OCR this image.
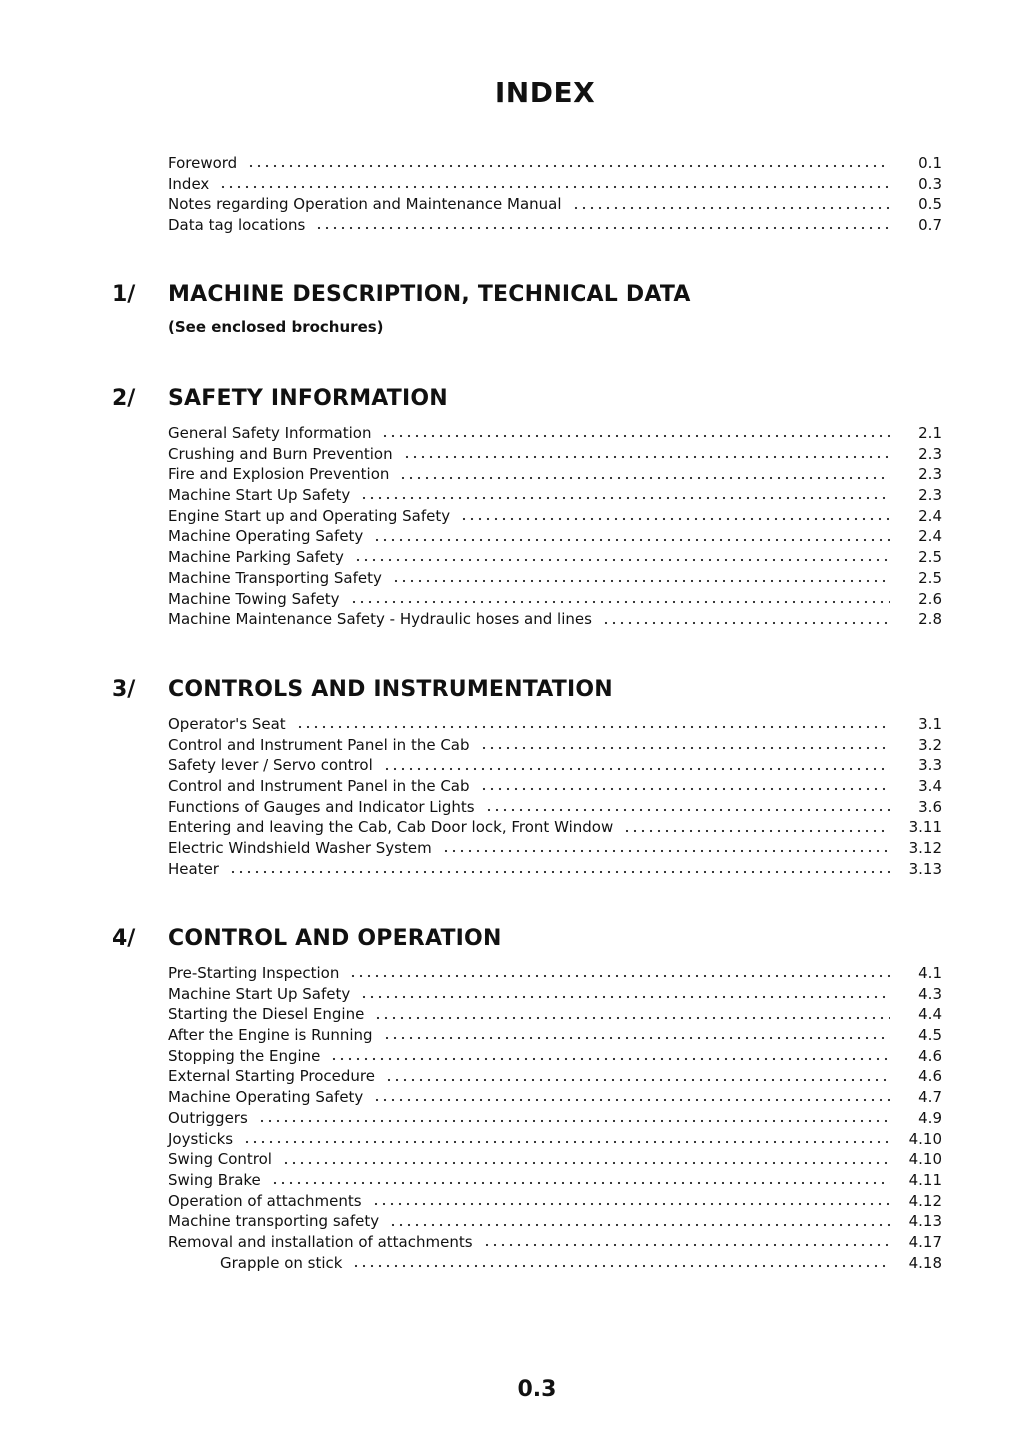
INDEX
Foreword	0.1
Index	0.3
Notes regarding Operation and Maintenance Manual	0.5
Data tag locations	0.7
1/ MACHINE DESCRIPTION, TECHNICAL DATA
(See enclosed brochures)
2/ SAFETY INFORMATION
General Safety Information	2.1
Crushing and Burn Prevention	2.3
Fire and Explosion Prevention	2.3
Machine Start Up Safety	2.3
Engine Start up and Operating Safety	2.4
Machine Operating Safety	2.4
Machine Parking Safety	2.5
Machine Transporting Safety	2.5
Machine Towing Safety	2.6
Machine Maintenance Safety - Hydraulic hoses and lines	2.8
3/ CONTROLS AND INSTRUMENTATION
Operator's Seat	3.1
Control and Instrument Panel in the Cab	3.2
Safety lever / Servo control	3.3
Control and Instrument Panel in the Cab	3.4
Functions of Gauges and Indicator Lights	3.6
Entering and leaving the Cab, Cab Door lock, Front Window	3.11
Electric Windshield Washer System	3.12
Heater	3.13
4/ CONTROL AND OPERATION
Pre-Starting Inspection	4.1
Machine Start Up Safety	4.3
Starting the Diesel Engine	4.4
After the Engine is Running	4.5
Stopping the Engine	4.6
External Starting Procedure	4.6
Machine Operating Safety	4.7
Outriggers	4.9
Joysticks	4.10
Swing Control	4.10
Swing Brake	4.11
Operation of attachments	4.12
Machine transporting safety	4.13
Removal and installation of attachments	4.17
Grapple on stick	4.18
0.3
